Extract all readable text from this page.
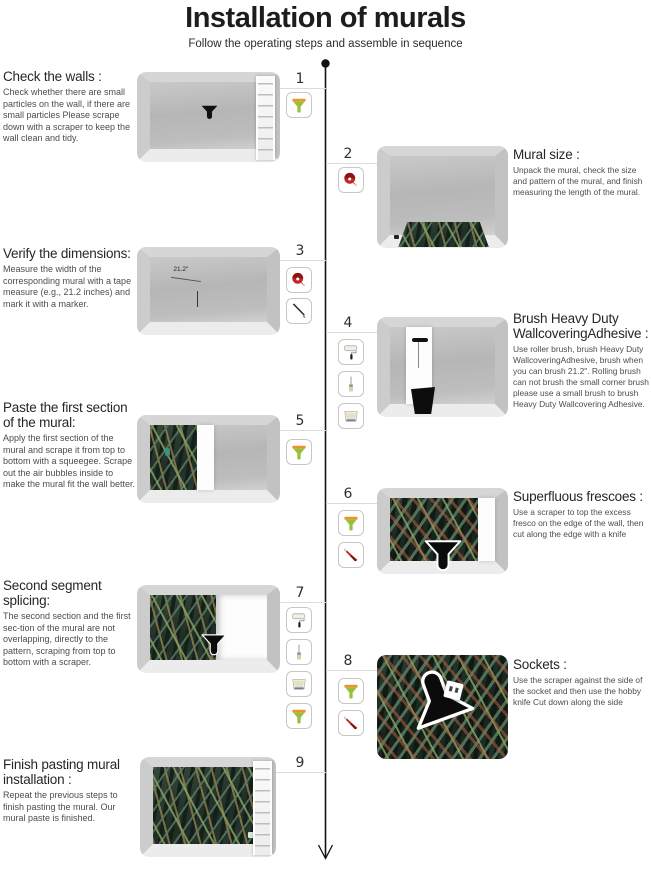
Installation of murals
Follow the operating steps and assemble in sequence
1
Check the walls :

Check whether there are small particles on the wall, if there are small particles Please scrape down with a scraper to keep the wall clean and tidy.

2	Mural size :

Unpack the mural, check the size and pattern of the mural, and finish measuring the length of the mural.

3
Verify the dimensions:

Measure the width of the corresponding mural with a tape measure (e.g., 21.2 inches) and mark it with a marker.

21.2"
4	Brush Heavy Duty WallcoveringAdhesive :

Use roller brush, brush Heavy Duty WallcoveringAdhesive, brush when you can brush 21.2". Rolling brush can not brush the small corner brush please use a small brush to brush Heavy Duty Wallcovering Adhesive.

5
Paste the first section of the mural:

Apply the first section of the mural and scrape it from top to bottom with a squeegee. Scrape out the air bubbles inside to make the mural fit the wall better.

6	Superfluous frescoes :

Use a scraper to top the excess fresco on the edge of the wall, then cut along the edge with a knife

7
Second segment splicing:

The second section and the first sec-tion of the mural are not overlapping, directly to the pattern, scraping from top to bottom with a scraper.	8	Sockets :

Use the scraper against the side of the socket and then use the hobby knife Cut down along the side

9
Finish pasting mural installation :

Repeat the previous steps to finish pasting the mural. Our mural paste is finished.
